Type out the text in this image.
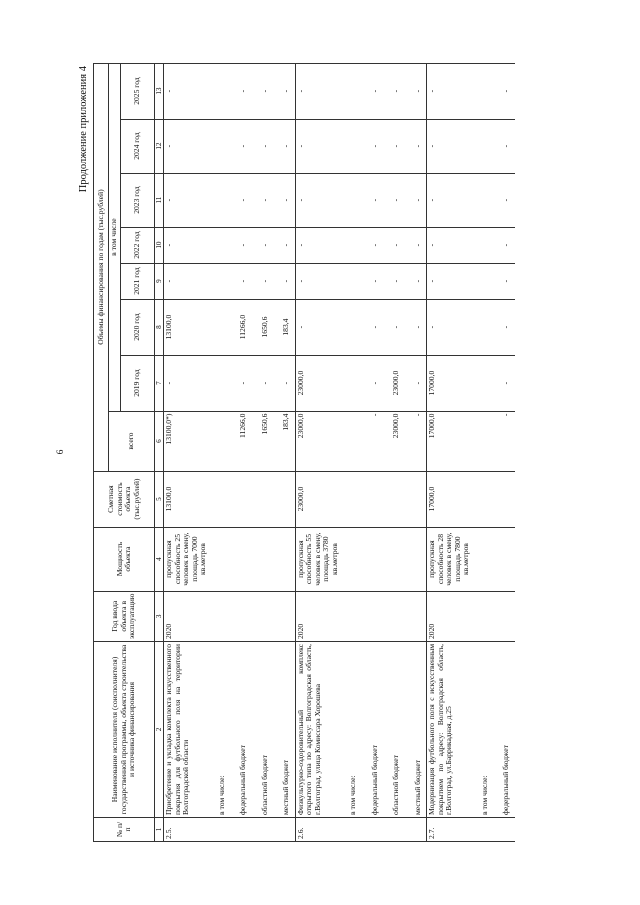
6
Продолжение приложения 4
№ п/п	Наименование исполнителя (соисполнителя) государственной программы, объекта строительства и источника финансирования	Год ввода объекта в эксплуатацию	Мощность объекта	Сметная стоимость объекта (тыс.рублей)	Объемы финансирования по годам (тыс.рублей)							
					всего	в том числе						
						2019 год	2020 год	2021 год	2022 год	2023 год	2024 год	2025 год
1	2	3	4	5	6	7	8	9	10	11	12	13
2.5.	Приобретение и укладка комплекта искусственного покрытия для футбольного поля на территории Волгоградской области	2020	пропускная способность 25 человек в смену, площадь 7000 кв.метров	13100,0	13100,0*)	-	13100,0	-	-	-	-	-
	в том числе:											
	федеральный бюджет				11266,0	-	11266,0	-	-	-	-	-
	областной бюджет				1650,6	-	1650,6	-	-	-	-	-
	местный бюджет				183,4	-	183,4	-	-	-	-	-
2.6.	Физкультурно-оздоровительный комплекс открытого типа по адресу: Волгоградская область, г.Волгоград, улица Комиссара Хорошева	2020	пропускная способность 55 человек в смену, площадь 3780 кв.метров	23000,0	23000,0	23000,0	-	-	-	-	-	-
	в том числе:											
	федеральный бюджет				-	-	-	-	-	-	-	-
	областной бюджет				23000,0	23000,0	-	-	-	-	-	-
	местный бюджет				-	-	-	-	-	-	-	-
2.7.	Модернизация футбольного поля с искусственным покрытием по адресу: Волгоградская область, г.Волгоград, ул.Баррикадная, д.25	2020	пропускная способность 28 человек в смену, площадь 7800 кв.метров	17000,0	17000,0	17000,0	-	-	-	-	-	-
	в том числе:											
	федеральный бюджет				-	-	-	-	-	-	-	-
